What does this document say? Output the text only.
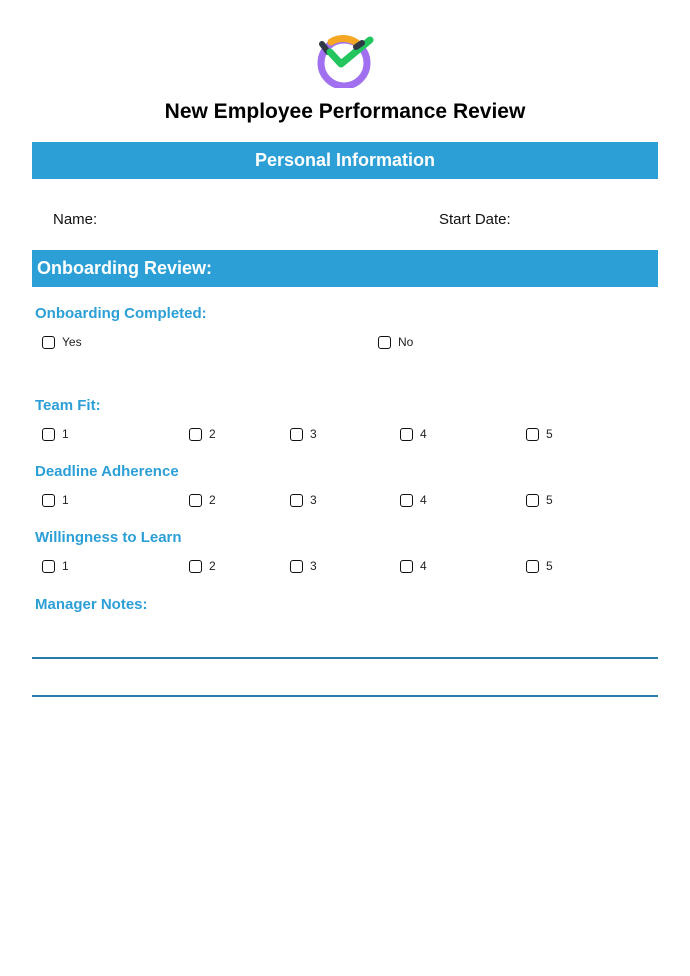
New Employee Performance Review
Personal Information
Name:	Start Date:
Onboarding Review:
Onboarding Completed:
Yes	No
Team Fit:
1	2	3	4	5
Deadline Adherence
1	2	3	4	5
Willingness to Learn
1	2	3	4	5
Manager Notes:
